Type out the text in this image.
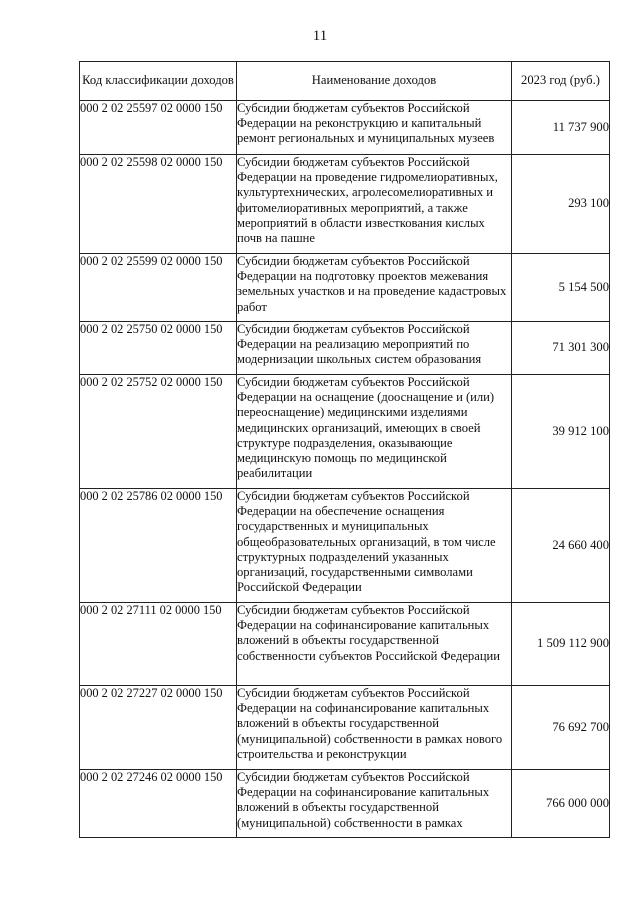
11
Код классификации доходов	Наименование доходов	2023 год (руб.)
000 2 02 25597 02 0000 150	Субсидии бюджетам субъектов Российской Федерации на реконструкцию и капитальный ремонт региональных и муниципальных музеев	11 737 900
000 2 02 25598 02 0000 150	Субсидии бюджетам субъектов Российской Федерации на проведение гидромелиоративных, культуртехнических, агролесомелиоративных и фитомелиоративных мероприятий, а также мероприятий в области известкования кислых почв на пашне	293 100
000 2 02 25599 02 0000 150	Субсидии бюджетам субъектов Российской Федерации на подготовку проектов межевания земельных участков и на проведение кадастровых работ	5 154 500
000 2 02 25750 02 0000 150	Субсидии бюджетам субъектов Российской Федерации на реализацию мероприятий по модернизации школьных систем образования	71 301 300
000 2 02 25752 02 0000 150	Субсидии бюджетам субъектов Российской Федерации на оснащение (дооснащение и (или) переоснащение) медицинскими изделиями медицинских организаций, имеющих в своей структуре подразделения, оказывающие медицинскую помощь по медицинской реабилитации	39 912 100
000 2 02 25786 02 0000 150	Субсидии бюджетам субъектов Российской Федерации на обеспечение оснащения государственных и муниципальных общеобразовательных организаций, в том числе структурных подразделений указанных организаций, государственными символами Российской Федерации	24 660 400
000 2 02 27111 02 0000 150	Субсидии бюджетам субъектов Российской Федерации на софинансирование капитальных вложений в объекты государственной собственности субъектов Российской Федерации	1 509 112 900
000 2 02 27227 02 0000 150	Субсидии бюджетам субъектов Российской Федерации на софинансирование капитальных вложений в объекты государственной (муниципальной) собственности в рамках нового строительства и реконструкции	76 692 700
000 2 02 27246 02 0000 150	Субсидии бюджетам субъектов Российской Федерации на софинансирование капитальных вложений в объекты государственной (муниципальной) собственности в рамках	766 000 000
